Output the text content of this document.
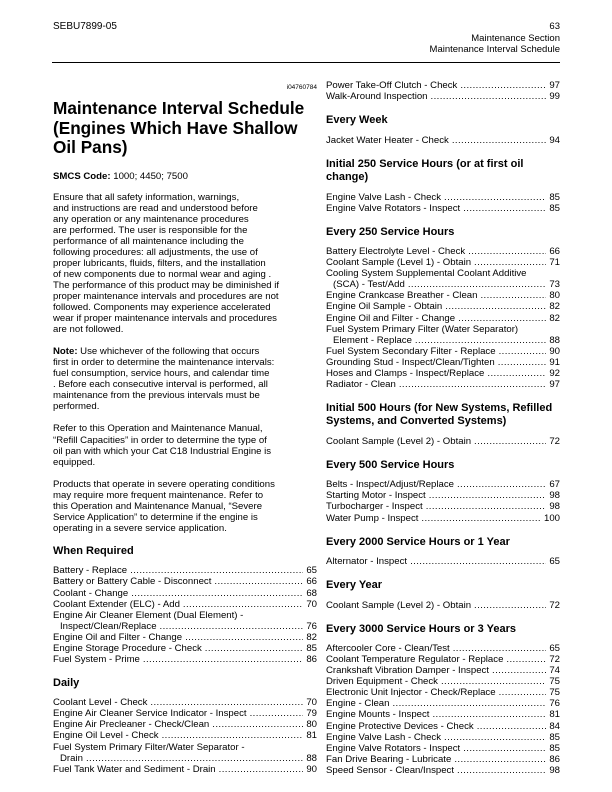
SEBU7899-05	63
Maintenance Section
Maintenance Interval Schedule
i04760784
Maintenance Interval Schedule
(Engines Which Have Shallow
Oil Pans)
SMCS Code: 1000; 4450; 7500
Ensure that all safety information, warnings,
and instructions are read and understood before
any operation or any maintenance procedures
are performed. The user is responsible for the
performance of all maintenance including the
following procedures: all adjustments, the use of
proper lubricants, fluids, filters, and the installation
of new components due to normal wear and aging .
The performance of this product may be diminished if
proper maintenance intervals and procedures are not
followed. Components may experience accelerated
wear if proper maintenance intervals and procedures
are not followed.
Note: Use whichever of the following that occurs
first in order to determine the maintenance intervals:
fuel consumption, service hours, and calendar time
. Before each consecutive interval is performed, all
maintenance from the previous intervals must be
performed.
Refer to this Operation and Maintenance Manual,
“Refill Capacities” in order to determine the type of
oil pan with which your Cat C18 Industrial Engine is
equipped.
Products that operate in severe operating conditions
may require more frequent maintenance. Refer to
this Operation and Maintenance Manual, “Severe
Service Application” to determine if the engine is
operating in a severe service application.
When Required
Battery - Replace .....	65
Battery or Battery Cable - Disconnect .....	66
Coolant - Change .....	68
Coolant Extender (ELC) - Add .....	70
Engine Air Cleaner Element (Dual Element) -
Inspect/Clean/Replace .....	76
Engine Oil and Filter - Change .....	82
Engine Storage Procedure - Check .....	85
Fuel System - Prime .....	86
Daily
Coolant Level - Check .....	70
Engine Air Cleaner Service Indicator - Inspect .....	79
Engine Air Precleaner - Check/Clean .....	80
Engine Oil Level - Check .....	81
Fuel System Primary Filter/Water Separator -
Drain .....	88
Fuel Tank Water and Sediment - Drain .....	90
Power Take-Off Clutch - Check .....	97
Walk-Around Inspection .....	99
Every Week
Jacket Water Heater - Check .....	94
Initial 250 Service Hours (or at first oil change)
Engine Valve Lash - Check .....	85
Engine Valve Rotators - Inspect .....	85
Every 250 Service Hours
Battery Electrolyte Level - Check .....	66
Coolant Sample (Level 1) - Obtain .....	71
Cooling System Supplemental Coolant Additive
(SCA) - Test/Add .....	73
Engine Crankcase Breather - Clean .....	80
Engine Oil Sample - Obtain .....	82
Engine Oil and Filter - Change .....	82
Fuel System Primary Filter (Water Separator)
Element - Replace .....	88
Fuel System Secondary Filter - Replace .....	90
Grounding Stud - Inspect/Clean/Tighten .....	91
Hoses and Clamps - Inspect/Replace .....	92
Radiator - Clean .....	97
Initial 500 Hours (for New Systems, Refilled Systems, and Converted Systems)
Coolant Sample (Level 2) - Obtain .....	72
Every 500 Service Hours
Belts - Inspect/Adjust/Replace .....	67
Starting Motor - Inspect .....	98
Turbocharger - Inspect .....	98
Water Pump - Inspect .....	100
Every 2000 Service Hours or 1 Year
Alternator - Inspect .....	65
Every Year
Coolant Sample (Level 2) - Obtain .....	72
Every 3000 Service Hours or 3 Years
Aftercooler Core - Clean/Test .....	65
Coolant Temperature Regulator - Replace .....	72
Crankshaft Vibration Damper - Inspect .....	74
Driven Equipment - Check .....	75
Electronic Unit Injector - Check/Replace .....	75
Engine - Clean .....	76
Engine Mounts - Inspect .....	81
Engine Protective Devices - Check .....	84
Engine Valve Lash - Check .....	85
Engine Valve Rotators - Inspect .....	85
Fan Drive Bearing - Lubricate .....	86
Speed Sensor - Clean/Inspect .....	98
